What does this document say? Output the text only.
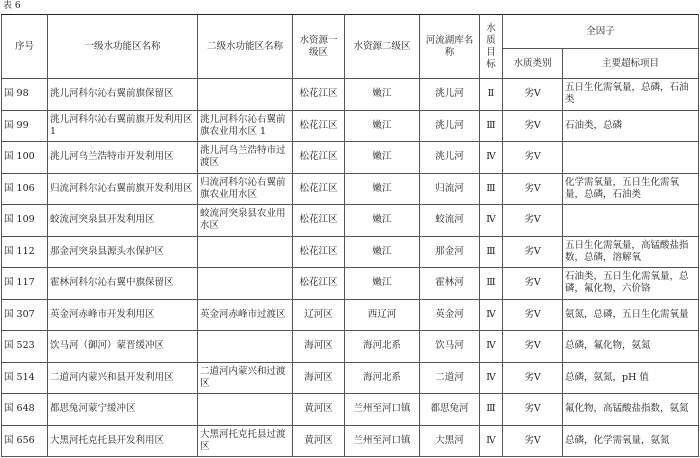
表 6
序号	一级水功能区名称	二级水功能区名称	水资源一级区	水资源二级区	河流湖库名称	水质目标	全因子	
							水质类别	主要超标项目
国 98	洮儿河科尔沁右翼前旗保留区		松花江区	嫩江	洮儿河	Ⅱ	劣Ⅴ	五日生化需氧量，总磷，石油类
国 99	洮儿河科尔沁右翼前旗开发利用区 1	洮儿河科尔沁右翼前旗农业用水区 1	松花江区	嫩江	洮儿河	Ⅲ	劣Ⅴ	石油类，总磷
国 100	洮儿河乌兰浩特市开发利用区	洮儿河乌兰浩特市过渡区	松花江区	嫩江	洮儿河	Ⅳ	劣Ⅴ	
国 106	归流河科尔沁右翼前旗开发利用区	归流河科尔沁右翼前旗农业用水区	松花江区	嫩江	归流河	Ⅲ	劣Ⅴ	化学需氧量，五日生化需氧量，总磷，石油类
国 109	蛟流河突泉县开发利用区	蛟流河突泉县农业用水区	松花江区	嫩江	蛟流河	Ⅳ	劣Ⅴ	
国 112	那金河突泉县源头水保护区		松花江区	嫩江	那金河	Ⅲ	劣Ⅴ	五日生化需氧量，高锰酸盐指数，总磷，溶解氧
国 117	霍林河科尔沁右翼中旗保留区		松花江区	嫩江	霍林河	Ⅲ	劣Ⅴ	石油类，五日生化需氧量，总磷，氟化物，六价铬
国 307	英金河赤峰市开发利用区	英金河赤峰市过渡区	辽河区	西辽河	英金河	Ⅳ	劣Ⅴ	氨氮，总磷，五日生化需氧量
国 523	饮马河（御河）蒙晋缓冲区		海河区	海河北系	饮马河	Ⅳ	劣Ⅴ	总磷，氟化物，氨氮
国 514	二道河内蒙兴和县开发利用区	二道河内蒙兴和过渡区	海河区	海河北系	二道河	Ⅳ	劣Ⅴ	总磷，氨氮，pH 值
国 648	都思兔河蒙宁缓冲区		黄河区	兰州至河口镇	都思兔河	Ⅲ	劣Ⅴ	氟化物，高锰酸盐指数，氨氮
国 656	大黑河托克托县开发利用区	大黑河托克托县过渡区	黄河区	兰州至河口镇	大黑河	Ⅳ	劣Ⅴ	总磷，化学需氧量，氨氮
